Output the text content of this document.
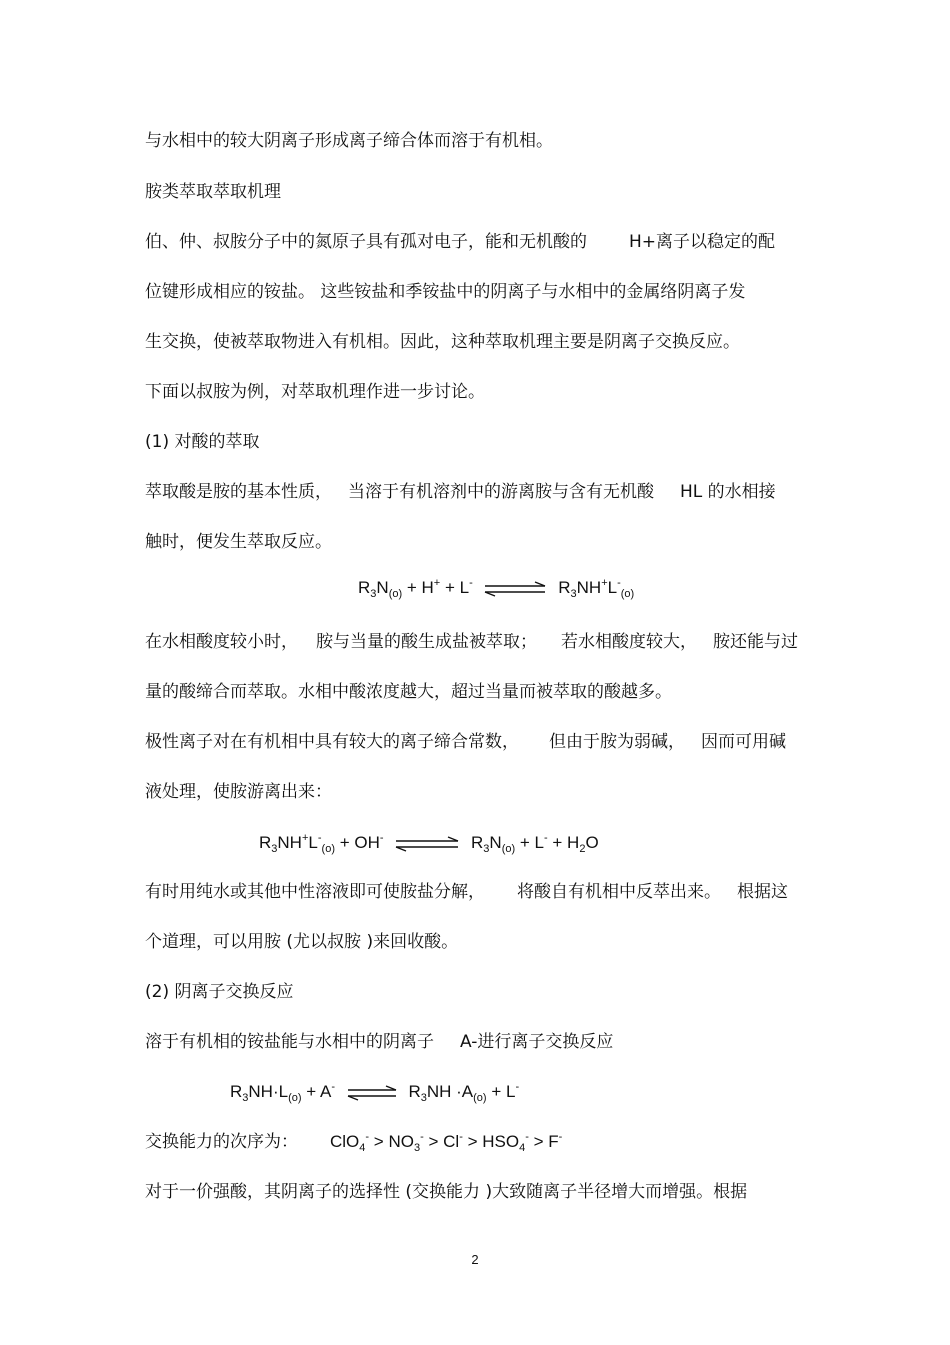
与水相中的较大阴离子形成离子缔合体而溶于有机相。
胺类萃取萃取机理
伯、仲、叔胺分子中的氮原子具有孤对电子，能和无机酸的 H+离子以稳定的配
位键形成相应的铵盐。 这些铵盐和季铵盐中的阴离子与水相中的金属络阴离子发
生交换，使被萃取物进入有机相。因此，这种萃取机理主要是阴离子交换反应。
下面以叔胺为例，对萃取机理作进一步讨论。
(1) 对酸的萃取
萃取酸是胺的基本性质， 当溶于有机溶剂中的游离胺与含有无机酸 HL 的水相接
触时，便发生萃取反应。
$R_3N_{(o)} + H^+ + L^-$ ⇌ $R_3NH^+L^-_{(o)}$
在水相酸度较小时， 胺与当量的酸生成盐被萃取； 若水相酸度较大， 胺还能与过
量的酸缔合而萃取。水相中酸浓度越大，超过当量而被萃取的酸越多。
极性离子对在有机相中具有较大的离子缔合常数， 但由于胺为弱碱， 因而可用碱
液处理，使胺游离出来：
$R_3NH^+L^-_{(o)} + OH^-$ ⇌ $R_3N_{(o)} + L^- + H_2O$
有时用纯水或其他中性溶液即可使胺盐分解， 将酸自有机相中反萃出来。 根据这
个道理，可以用胺 (尤以叔胺 )来回收酸。
(2) 阴离子交换反应
溶于有机相的铵盐能与水相中的阴离子 A-进行离子交换反应
$R_3NH\cdot L_{(o)} + A^-$ ⇌ $R_3NH \cdot A_{(o)} + L^-$
交换能力的次序为： $ClO_4^- > NO_3^- > Cl^- > HSO_4^- > F^-$
对于一价强酸，其阴离子的选择性 (交换能力 )大致随离子半径增大而增强。根据
2
